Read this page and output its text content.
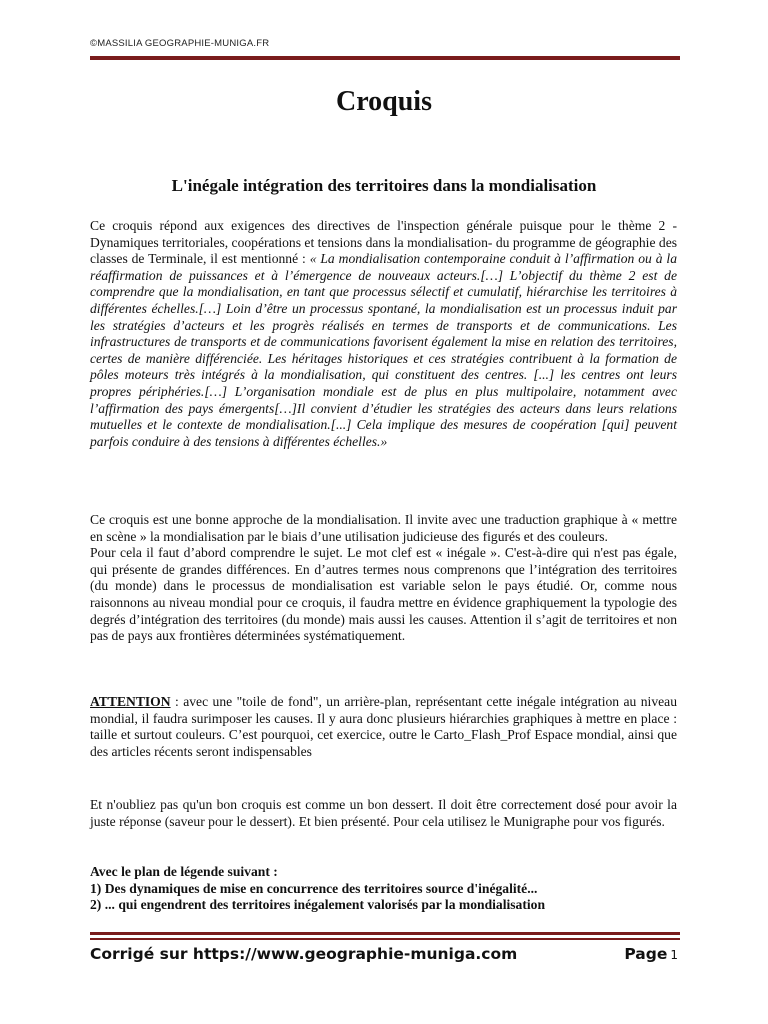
©MASSILIA GEOGRAPHIE-MUNIGA.FR
Croquis
L'inégale intégration des territoires dans la mondialisation

Ce croquis répond aux exigences des directives de l'inspection générale puisque pour le thème 2 - Dynamiques territoriales, coopérations et tensions dans la mondialisation- du programme de géographie des classes de Terminale, il est mentionné : « La mondialisation contemporaine conduit à l’affirmation ou à la réaffirmation de puissances et à l’émergence de nouveaux acteurs.[…] L’objectif du thème 2 est de comprendre que la mondialisation, en tant que processus sélectif et cumulatif, hiérarchise les territoires à différentes échelles.[…] Loin d’être un processus spontané, la mondialisation est un processus induit par les stratégies d’acteurs et les progrès réalisés en termes de transports et de communications. Les infrastructures de transports et de communications favorisent également la mise en relation des territoires, certes de manière différenciée. Les héritages historiques et ces stratégies contribuent à la formation de pôles moteurs très intégrés à la mondialisation, qui constituent des centres. [...] les centres ont leurs propres périphéries.[…] L’organisation mondiale est de plus en plus multipolaire, notamment avec l’affirmation des pays émergents[…]Il convient d’étudier les stratégies des acteurs dans leurs relations mutuelles et le contexte de mondialisation.[...] Cela implique des mesures de coopération [qui] peuvent parfois conduire à des tensions à différentes échelles.»

Ce croquis est une bonne approche de la mondialisation. Il invite avec une traduction graphique à « mettre en scène » la mondialisation par le biais d’une utilisation judicieuse des figurés et des couleurs.

Pour cela il faut d’abord comprendre le sujet. Le mot clef est « inégale ». C'est-à-dire qui n'est pas égale, qui présente de grandes différences. En d’autres termes nous comprenons que l’intégration des territoires (du monde) dans le processus de mondialisation est variable selon le pays étudié. Or, comme nous raisonnons au niveau mondial pour ce croquis, il faudra mettre en évidence graphiquement la typologie des degrés d’intégration des territoires (du monde) mais aussi les causes. Attention il s’agit de territoires et non pas de pays aux frontières déterminées systématiquement.

ATTENTION : avec une "toile de fond", un arrière-plan, représentant cette inégale intégration au niveau mondial, il faudra surimposer les causes. Il y aura donc plusieurs hiérarchies graphiques à mettre en place : taille et surtout couleurs. C’est pourquoi, cet exercice, outre le Carto_Flash_Prof Espace mondial, ainsi que des articles récents seront indispensables

Et n'oubliez pas qu'un bon croquis est comme un bon dessert. Il doit être correctement dosé pour avoir la juste réponse (saveur pour le dessert). Et bien présenté. Pour cela utilisez le Munigraphe pour vos figurés.

Avec le plan de légende suivant :

1) Des dynamiques de mise en concurrence des territoires source d'inégalité...

2) ... qui engendrent des territoires inégalement valorisés par la mondialisation

Corrigé sur https://www.geographie-muniga.com	Page 1
